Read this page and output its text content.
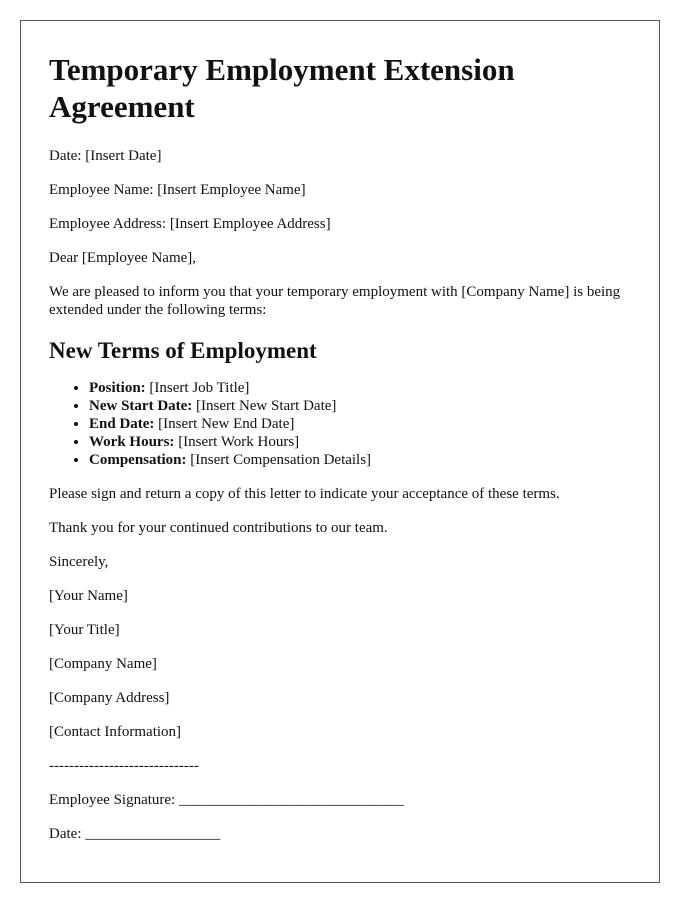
Temporary Employment Extension Agreement

Date: [Insert Date]

Employee Name: [Insert Employee Name]

Employee Address: [Insert Employee Address]

Dear [Employee Name],

We are pleased to inform you that your temporary employment with [Company Name] is being extended under the following terms:

New Terms of Employment
• Position: [Insert Job Title]
• New Start Date: [Insert New Start Date]
• End Date: [Insert New End Date]
• Work Hours: [Insert Work Hours]
• Compensation: [Insert Compensation Details]

Please sign and return a copy of this letter to indicate your acceptance of these terms.

Thank you for your continued contributions to our team.

Sincerely,

[Your Name]

[Your Title]

[Company Name]

[Company Address]

[Contact Information]

------------------------------

Employee Signature: ______________________________

Date: __________________
